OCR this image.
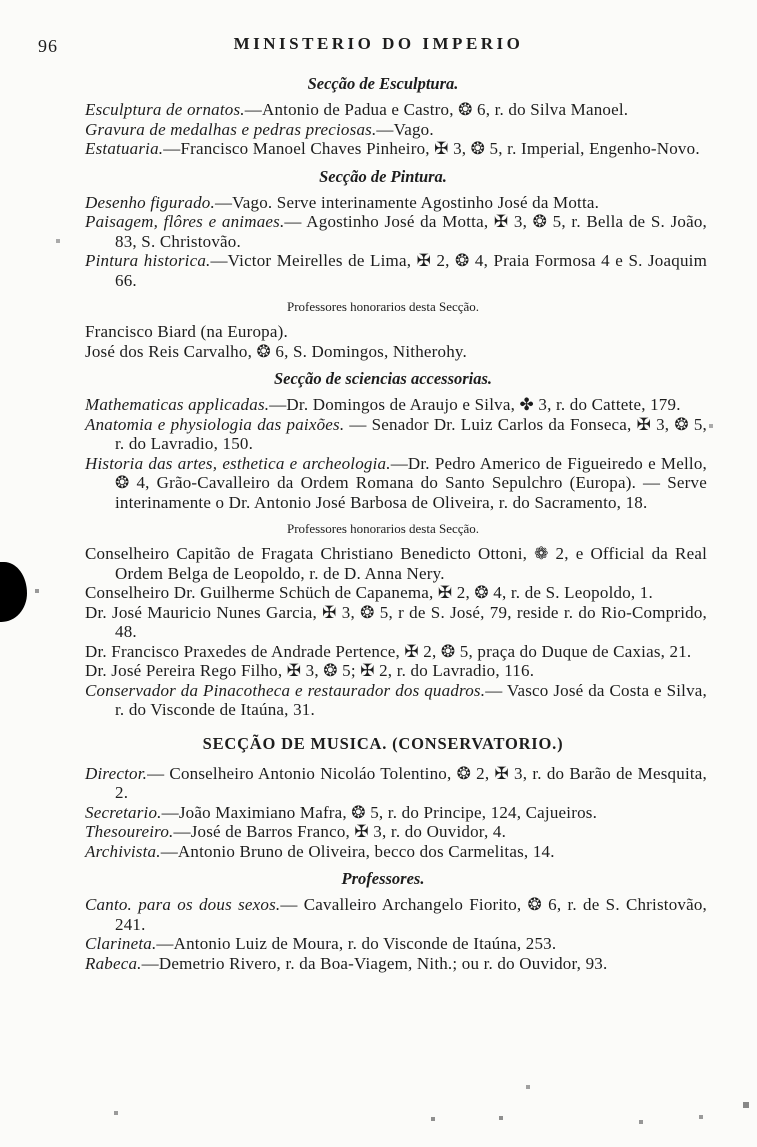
96	MINISTERIO DO IMPERIO
Secção de Esculptura.

Esculptura de ornatos.—Antonio de Padua e Castro, ❂ 6, r. do Silva Manoel.

Gravura de medalhas e pedras preciosas.—Vago.

Estatuaria.—Francisco Manoel Chaves Pinheiro, ✠ 3, ❂ 5, r. Imperial, Engenho-Novo.

Secção de Pintura.

Desenho figurado.—Vago. Serve interinamente Agostinho José da Motta.

Paisagem, flôres e animaes.— Agostinho José da Motta, ✠ 3, ❂ 5, r. Bella de S. João, 83, S. Christovão.

Pintura historica.—Victor Meirelles de Lima, ✠ 2, ❂ 4, Praia Formosa 4 e S. Joaquim 66.

Professores honorarios desta Secção.

Francisco Biard (na Europa).

José dos Reis Carvalho, ❂ 6, S. Domingos, Nitherohy.

Secção de sciencias accessorias.

Mathematicas applicadas.—Dr. Domingos de Araujo e Silva, ✤ 3, r. do Cattete, 179.

Anatomia e physiologia das paixões. — Senador Dr. Luiz Carlos da Fonseca, ✠ 3, ❂ 5, r. do Lavradio, 150.

Historia das artes, esthetica e archeologia.—Dr. Pedro Americo de Figueiredo e Mello, ❂ 4, Grão-Cavalleiro da Ordem Romana do Santo Sepulchro (Europa). — Serve interinamente o Dr. Antonio José Barbosa de Oliveira, r. do Sacramento, 18.

Professores honorarios desta Secção.

Conselheiro Capitão de Fragata Christiano Benedicto Ottoni, ❁ 2, e Official da Real Ordem Belga de Leopoldo, r. de D. Anna Nery.

Conselheiro Dr. Guilherme Schüch de Capanema, ✠ 2, ❂ 4, r. de S. Leopoldo, 1.

Dr. José Mauricio Nunes Garcia, ✠ 3, ❂ 5, r de S. José, 79, reside r. do Rio-Comprido, 48.

Dr. Francisco Praxedes de Andrade Pertence, ✠ 2, ❂ 5, praça do Duque de Caxias, 21.

Dr. José Pereira Rego Filho, ✠ 3, ❂ 5; ✠ 2, r. do Lavradio, 116.

Conservador da Pinacotheca e restaurador dos quadros.— Vasco José da Costa e Silva, r. do Visconde de Itaúna, 31.

SECÇÃO DE MUSICA. (CONSERVATORIO.)

Director.— Conselheiro Antonio Nicoláo Tolentino, ❂ 2, ✠ 3, r. do Barão de Mesquita, 2.

Secretario.—João Maximiano Mafra, ❂ 5, r. do Principe, 124, Cajueiros.

Thesoureiro.—José de Barros Franco, ✠ 3, r. do Ouvidor, 4.

Archivista.—Antonio Bruno de Oliveira, becco dos Carmelitas, 14.

Professores.

Canto. para os dous sexos.— Cavalleiro Archangelo Fiorito, ❂ 6, r. de S. Christovão, 241.

Clarineta.—Antonio Luiz de Moura, r. do Visconde de Itaúna, 253.

Rabeca.—Demetrio Rivero, r. da Boa-Viagem, Nith.; ou r. do Ouvidor, 93.
